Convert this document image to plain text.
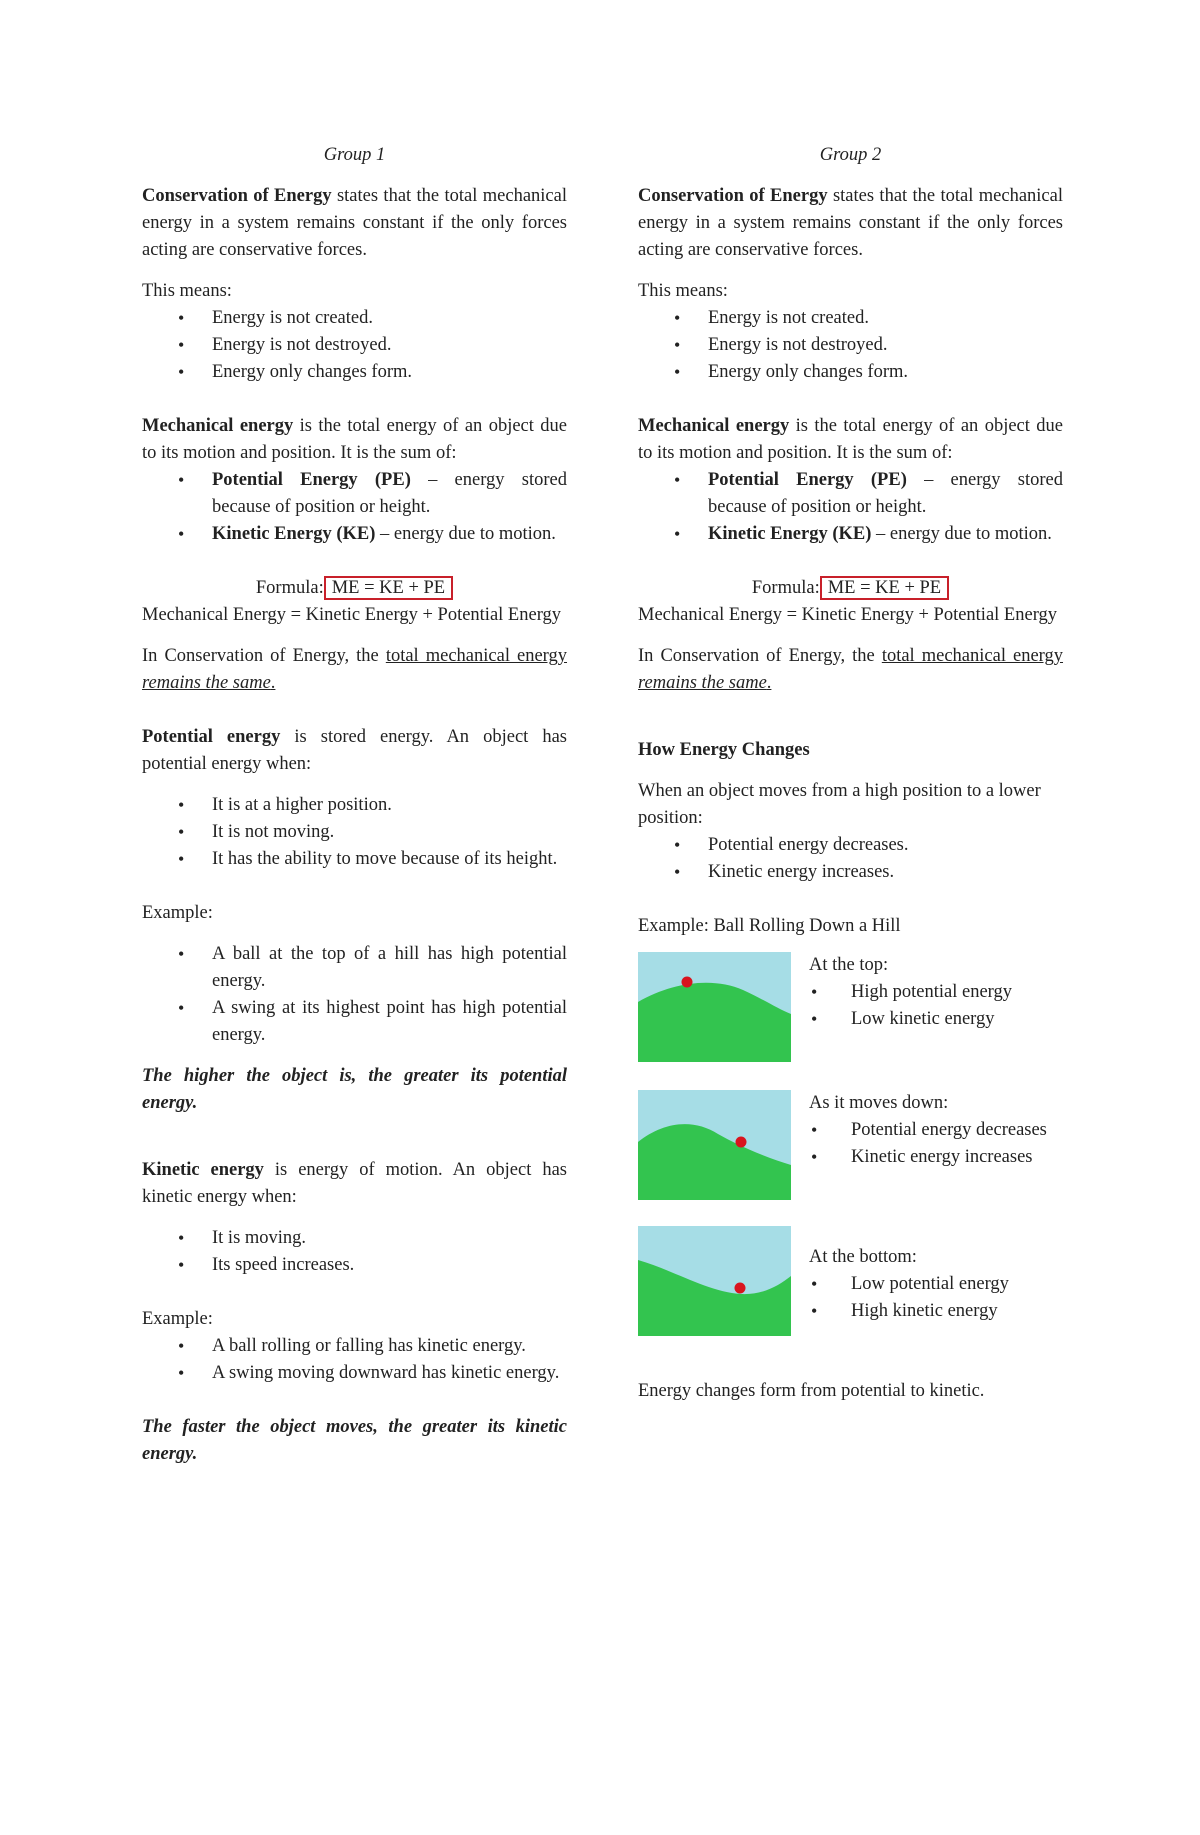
Group 1

Conservation of Energy states that the total mechanical energy in a system remains constant if the only forces acting are conservative forces.

This means:

• Energy is not created.
• Energy is not destroyed.
• Energy only changes form.

Mechanical energy is the total energy of an object due to its motion and position. It is the sum of:

• Potential Energy (PE) – energy stored because of position or height.
• Kinetic Energy (KE) – energy due to motion.

Formula: ME = KE + PE

Mechanical Energy = Kinetic Energy + Potential Energy

In Conservation of Energy, the total mechanical energy remains the same.

Potential energy is stored energy. An object has potential energy when:

• It is at a higher position.
• It is not moving.
• It has the ability to move because of its height.

Example:

• A ball at the top of a hill has high potential energy.
• A swing at its highest point has high potential energy.

The higher the object is, the greater its potential energy.

Kinetic energy is energy of motion. An object has kinetic energy when:

• It is moving.
• Its speed increases.

Example:

• A ball rolling or falling has kinetic energy.
• A swing moving downward has kinetic energy.

The faster the object moves, the greater its kinetic energy.

Group 2

Conservation of Energy states that the total mechanical energy in a system remains constant if the only forces acting are conservative forces.

This means:

• Energy is not created.
• Energy is not destroyed.
• Energy only changes form.

Mechanical energy is the total energy of an object due to its motion and position. It is the sum of:

• Potential Energy (PE) – energy stored because of position or height.
• Kinetic Energy (KE) – energy due to motion.

Formula: ME = KE + PE

Mechanical Energy = Kinetic Energy + Potential Energy

In Conservation of Energy, the total mechanical energy remains the same.

How Energy Changes

When an object moves from a high position to a lower position:

• Potential energy decreases.
• Kinetic energy increases.

Example: Ball Rolling Down a Hill

At the top:

• High potential energy
• Low kinetic energy

As it moves down:

• Potential energy decreases
• Kinetic energy increases

At the bottom:

• Low potential energy
• High kinetic energy

Energy changes form from potential to kinetic.
